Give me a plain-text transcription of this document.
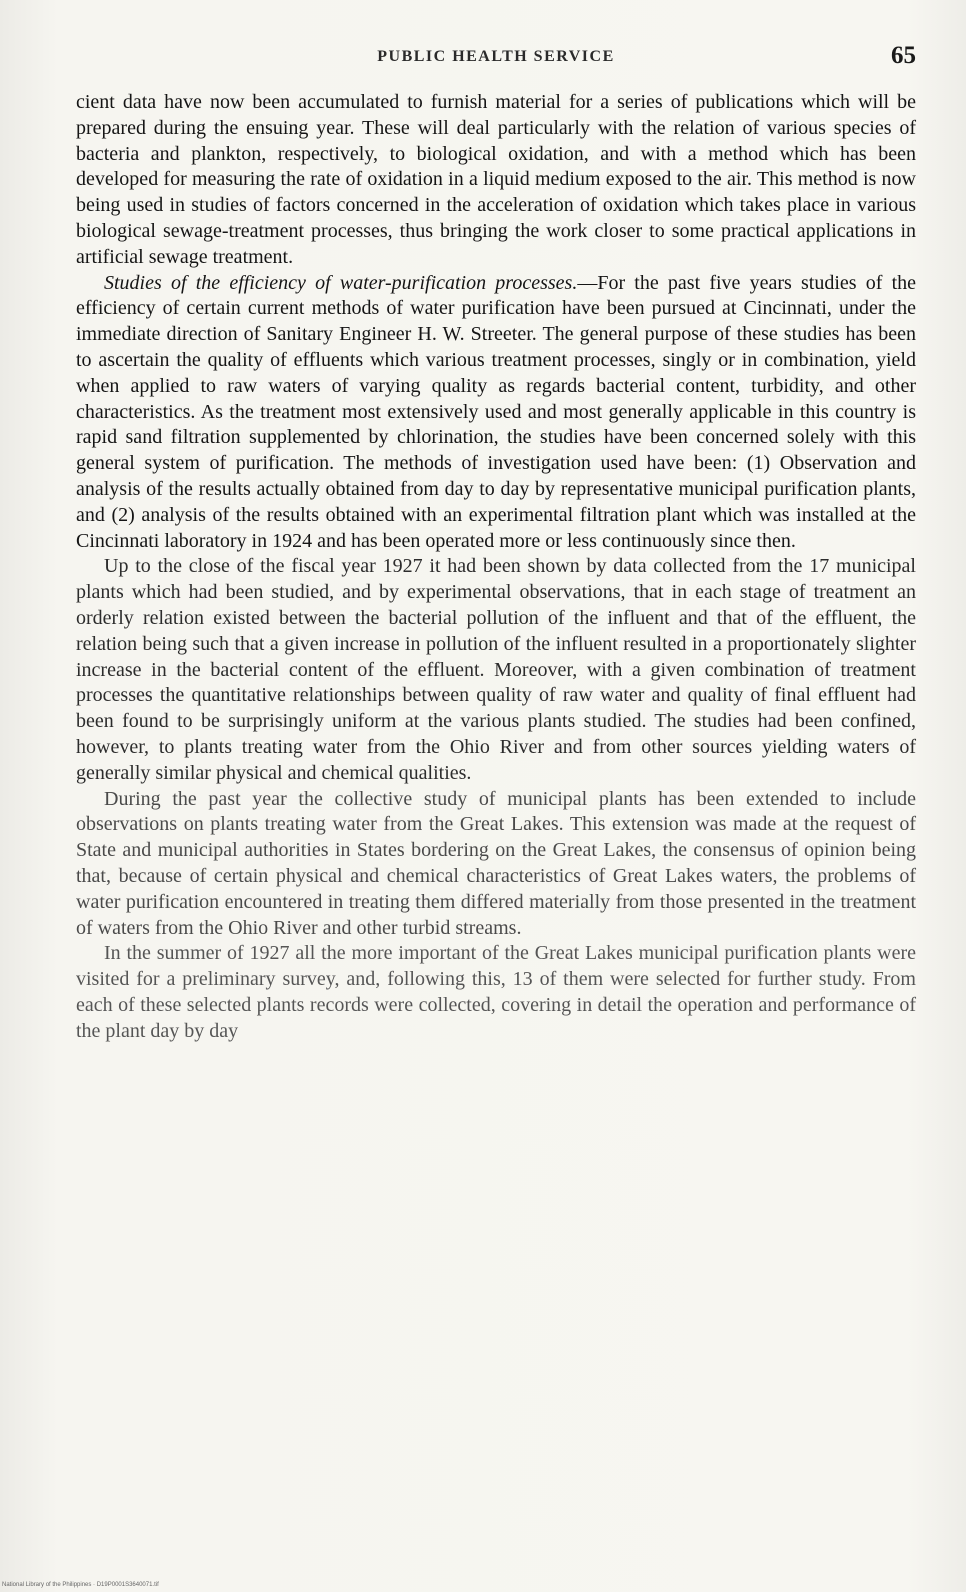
PUBLIC HEALTH SERVICE	65

cient data have now been accumulated to furnish material for a series of publications which will be prepared during the ensuing year. These will deal particularly with the relation of various species of bacteria and plankton, respectively, to biological oxidation, and with a method which has been developed for measuring the rate of oxidation in a liquid medium exposed to the air. This method is now being used in studies of factors concerned in the acceleration of oxidation which takes place in various biological sewage-treatment processes, thus bringing the work closer to some practical applications in artificial sewage treatment.

Studies of the efficiency of water-purification processes.—For the past five years studies of the efficiency of certain current methods of water purification have been pursued at Cincinnati, under the immediate direction of Sanitary Engineer H. W. Streeter. The general purpose of these studies has been to ascertain the quality of effluents which various treatment processes, singly or in combination, yield when applied to raw waters of varying quality as regards bacterial content, turbidity, and other characteristics. As the treatment most extensively used and most generally applicable in this country is rapid sand filtration supplemented by chlorination, the studies have been concerned solely with this general system of purification. The methods of investigation used have been: (1) Observation and analysis of the results actually obtained from day to day by representative municipal purification plants, and (2) analysis of the results obtained with an experimental filtration plant which was installed at the Cincinnati laboratory in 1924 and has been operated more or less continuously since then.

Up to the close of the fiscal year 1927 it had been shown by data collected from the 17 municipal plants which had been studied, and by experimental observations, that in each stage of treatment an orderly relation existed between the bacterial pollution of the influent and that of the effluent, the relation being such that a given increase in pollution of the influent resulted in a proportionately slighter increase in the bacterial content of the effluent. Moreover, with a given combination of treatment processes the quantitative relationships between quality of raw water and quality of final effluent had been found to be surprisingly uniform at the various plants studied. The studies had been confined, however, to plants treating water from the Ohio River and from other sources yielding waters of generally similar physical and chemical qualities.

During the past year the collective study of municipal plants has been extended to include observations on plants treating water from the Great Lakes. This extension was made at the request of State and municipal authorities in States bordering on the Great Lakes, the consensus of opinion being that, because of certain physical and chemical characteristics of Great Lakes waters, the problems of water purification encountered in treating them differed materially from those presented in the treatment of waters from the Ohio River and other turbid streams.

In the summer of 1927 all the more important of the Great Lakes municipal purification plants were visited for a preliminary survey, and, following this, 13 of them were selected for further study. From each of these selected plants records were collected, covering in detail the operation and performance of the plant day by day

National Library of the Philippines · D19P0001S3640071.tif
